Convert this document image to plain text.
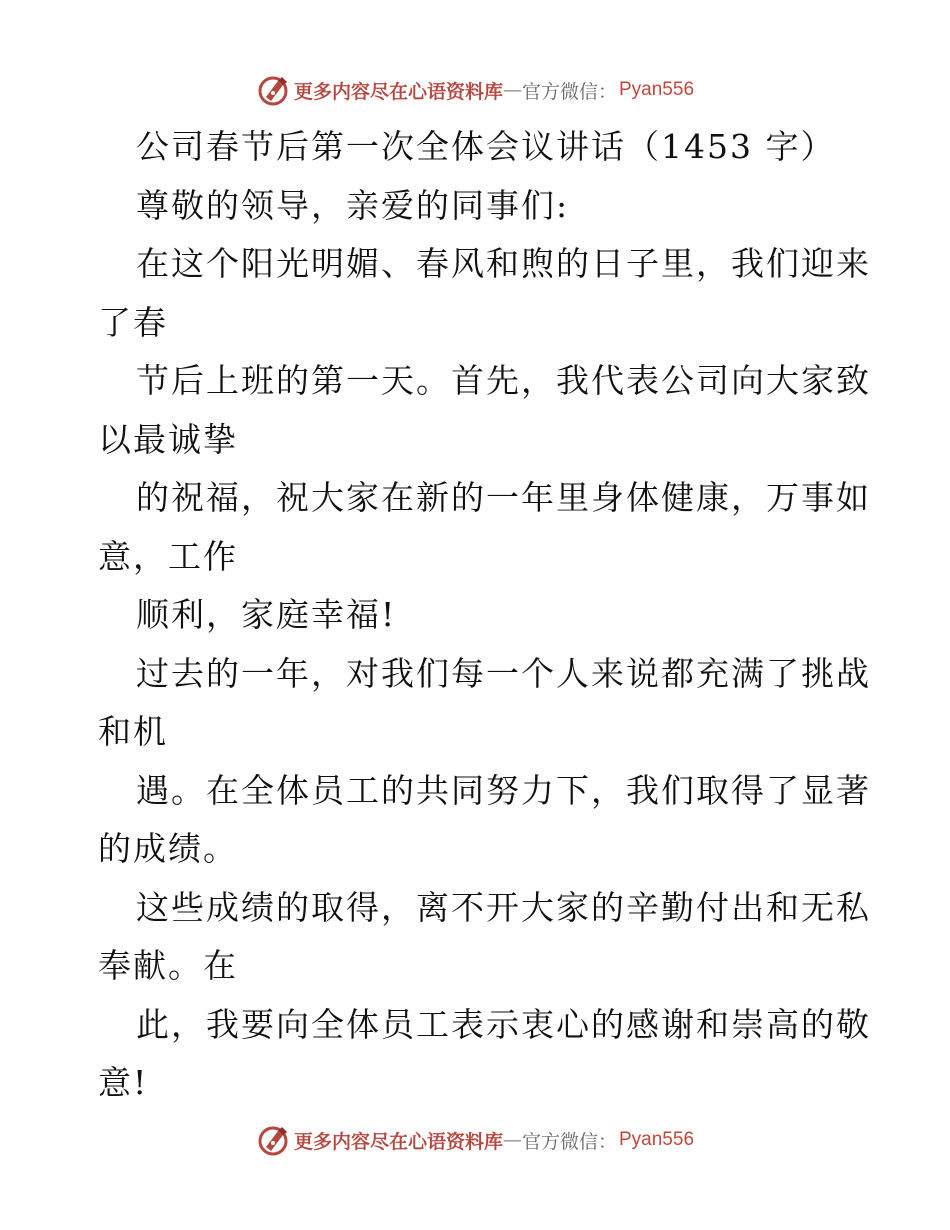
更多内容尽在心语资料库 — 官方微信： Pyan556
公司春节后第一次全体会议讲话（1453 字）
尊敬的领导，亲爱的同事们:
在这个阳光明媚、春风和煦的日子里，我们迎来
了春
节后上班的第一天。首先，我代表公司向大家致
以最诚挚
的祝福，祝大家在新的一年里身体健康，万事如
意，工作
顺利，家庭幸福!
过去的一年，对我们每一个人来说都充满了挑战
和机
遇。在全体员工的共同努力下，我们取得了显著
的成绩。
这些成绩的取得，离不开大家的辛勤付出和无私
奉献。在
此，我要向全体员工表示衷心的感谢和崇高的敬
意!
更多内容尽在心语资料库 — 官方微信： Pyan556
